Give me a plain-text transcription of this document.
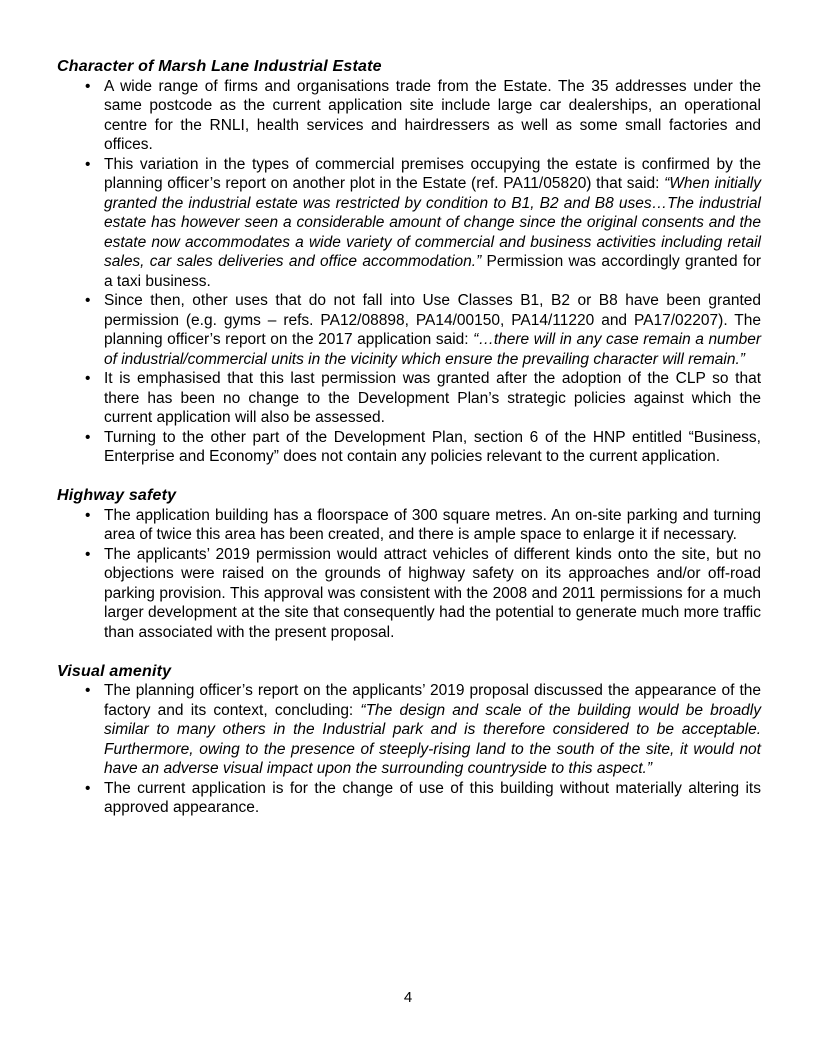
Character of Marsh Lane Industrial Estate
• A wide range of firms and organisations trade from the Estate. The 35 addresses under the same postcode as the current application site include large car dealerships, an operational centre for the RNLI, health services and hairdressers as well as some small factories and offices.
• This variation in the types of commercial premises occupying the estate is confirmed by the planning officer’s report on another plot in the Estate (ref. PA11/05820) that said: “When initially granted the industrial estate was restricted by condition to B1, B2 and B8 uses…The industrial estate has however seen a considerable amount of change since the original consents and the estate now accommodates a wide variety of commercial and business activities including retail sales, car sales deliveries and office accommodation.” Permission was accordingly granted for a taxi business.
• Since then, other uses that do not fall into Use Classes B1, B2 or B8 have been granted permission (e.g. gyms – refs. PA12/08898, PA14/00150, PA14/11220 and PA17/02207). The planning officer’s report on the 2017 application said: “…there will in any case remain a number of industrial/commercial units in the vicinity which ensure the prevailing character will remain.”
• It is emphasised that this last permission was granted after the adoption of the CLP so that there has been no change to the Development Plan’s strategic policies against which the current application will also be assessed.
• Turning to the other part of the Development Plan, section 6 of the HNP entitled “Business, Enterprise and Economy” does not contain any policies relevant to the current application.
Highway safety
• The application building has a floorspace of 300 square metres. An on-site parking and turning area of twice this area has been created, and there is ample space to enlarge it if necessary.
• The applicants’ 2019 permission would attract vehicles of different kinds onto the site, but no objections were raised on the grounds of highway safety on its approaches and/or off-road parking provision. This approval was consistent with the 2008 and 2011 permissions for a much larger development at the site that consequently had the potential to generate much more traffic than associated with the present proposal.
Visual amenity
• The planning officer’s report on the applicants’ 2019 proposal discussed the appearance of the factory and its context, concluding: “The design and scale of the building would be broadly similar to many others in the Industrial park and is therefore considered to be acceptable. Furthermore, owing to the presence of steeply-rising land to the south of the site, it would not have an adverse visual impact upon the surrounding countryside to this aspect.”
• The current application is for the change of use of this building without materially altering its approved appearance.
4
